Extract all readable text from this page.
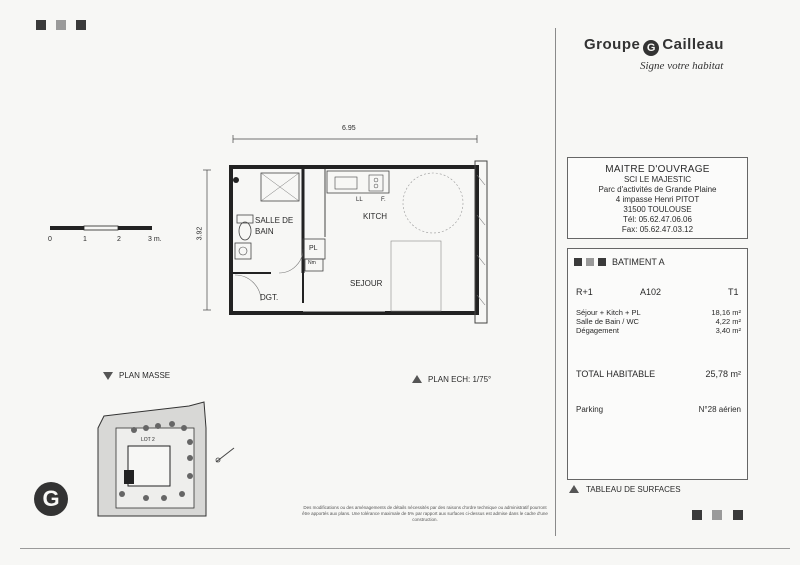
Groupe G Cailleau
Signe votre habitat
6.95
3.92
SALLE DE
BAIN
KITCH
SEJOUR
DGT.
PL
LL	F.
Nm
0	1	2	3 m.
PLAN MASSE	PLAN ECH: 1/75°
LOT 2
G	Des modifications ou des aménagements de détails nécessités par des raisons d'ordre technique ou administratif pourront être apportés aux plans. Une tolérance maximale de 5% par rapport aux surfaces ci-dessus est admise dans le cadre d'une construction.
MAITRE D'OUVRAGE
SCI LE MAJESTIC
Parc d'activités de Grande Plaine
4 impasse Henri PITOT
31500 TOULOUSE
Tél: 05.62.47.06.06
Fax: 05.62.47.03.12
BATIMENT A
R+1	A102	T1
Séjour + Kitch + PL	18,16 m²
Salle de Bain / WC	4,22 m²
Dégagement	3,40 m²
TOTAL HABITABLE	25,78 m²
Parking	N°28 aérien
TABLEAU DE SURFACES
